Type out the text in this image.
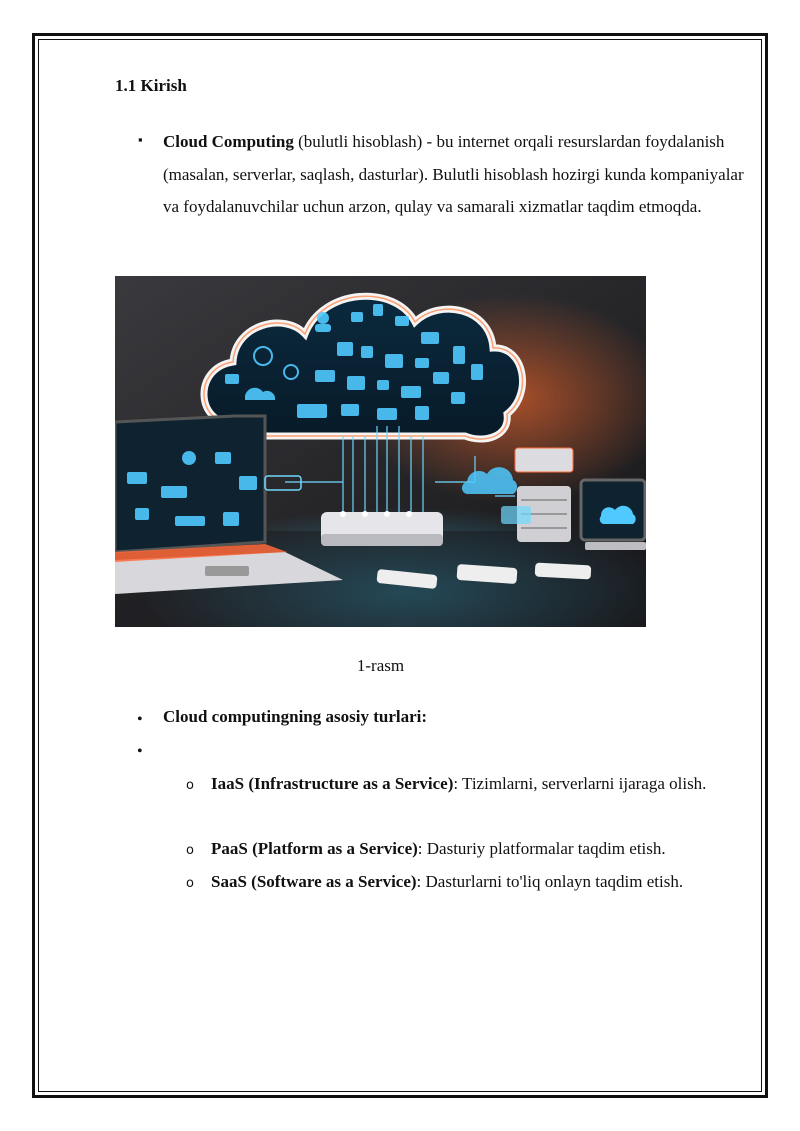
1.1 Kirish
▪ Cloud Computing (bulutli hisoblash) - bu internet orqali resurslardan foydalanish (masalan, serverlar, saqlash, dasturlar). Bulutli hisoblash hozirgi kunda kompaniyalar va foydalanuvchilar uchun arzon, qulay va samarali xizmatlar taqdim etmoqda.
1-rasm
• Cloud computingning asosiy turlari:
•
o IaaS (Infrastructure as a Service): Tizimlarni, serverlarni ijaraga olish.
o PaaS (Platform as a Service): Dasturiy platformalar taqdim etish.
o SaaS (Software as a Service): Dasturlarni to'liq onlayn taqdim etish.
